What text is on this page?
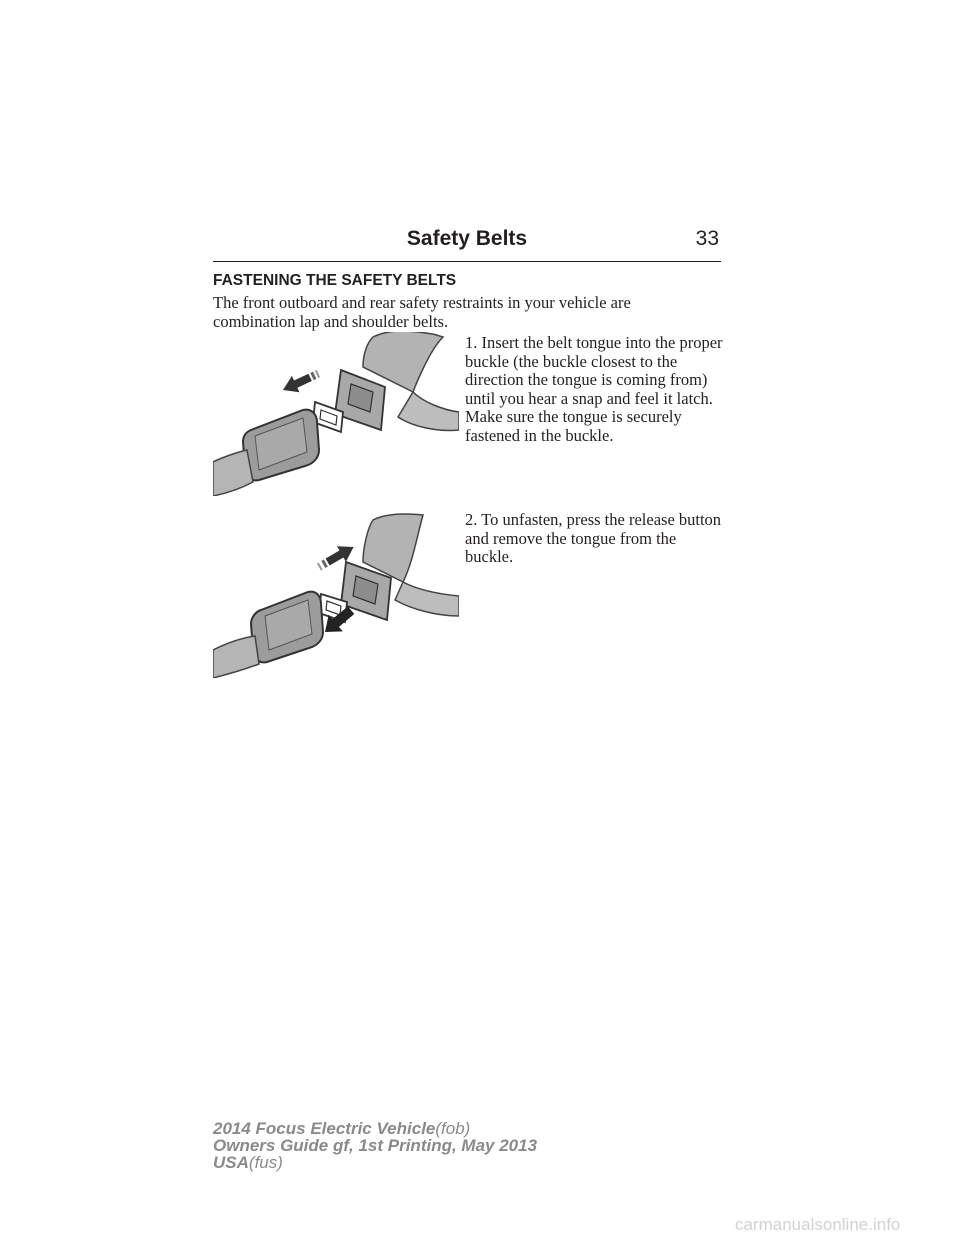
Safety Belts	33
FASTENING THE SAFETY BELTS
The front outboard and rear safety restraints in your vehicle are combination lap and shoulder belts.
1. Insert the belt tongue into the proper buckle (the buckle closest to the direction the tongue is coming from) until you hear a snap and feel it latch. Make sure the tongue is securely fastened in the buckle.
2. To unfasten, press the release button and remove the tongue from the buckle.
2014 Focus Electric Vehicle(fob)
Owners Guide gf, 1st Printing, May 2013
USA(fus)
carmanualsonline.info
